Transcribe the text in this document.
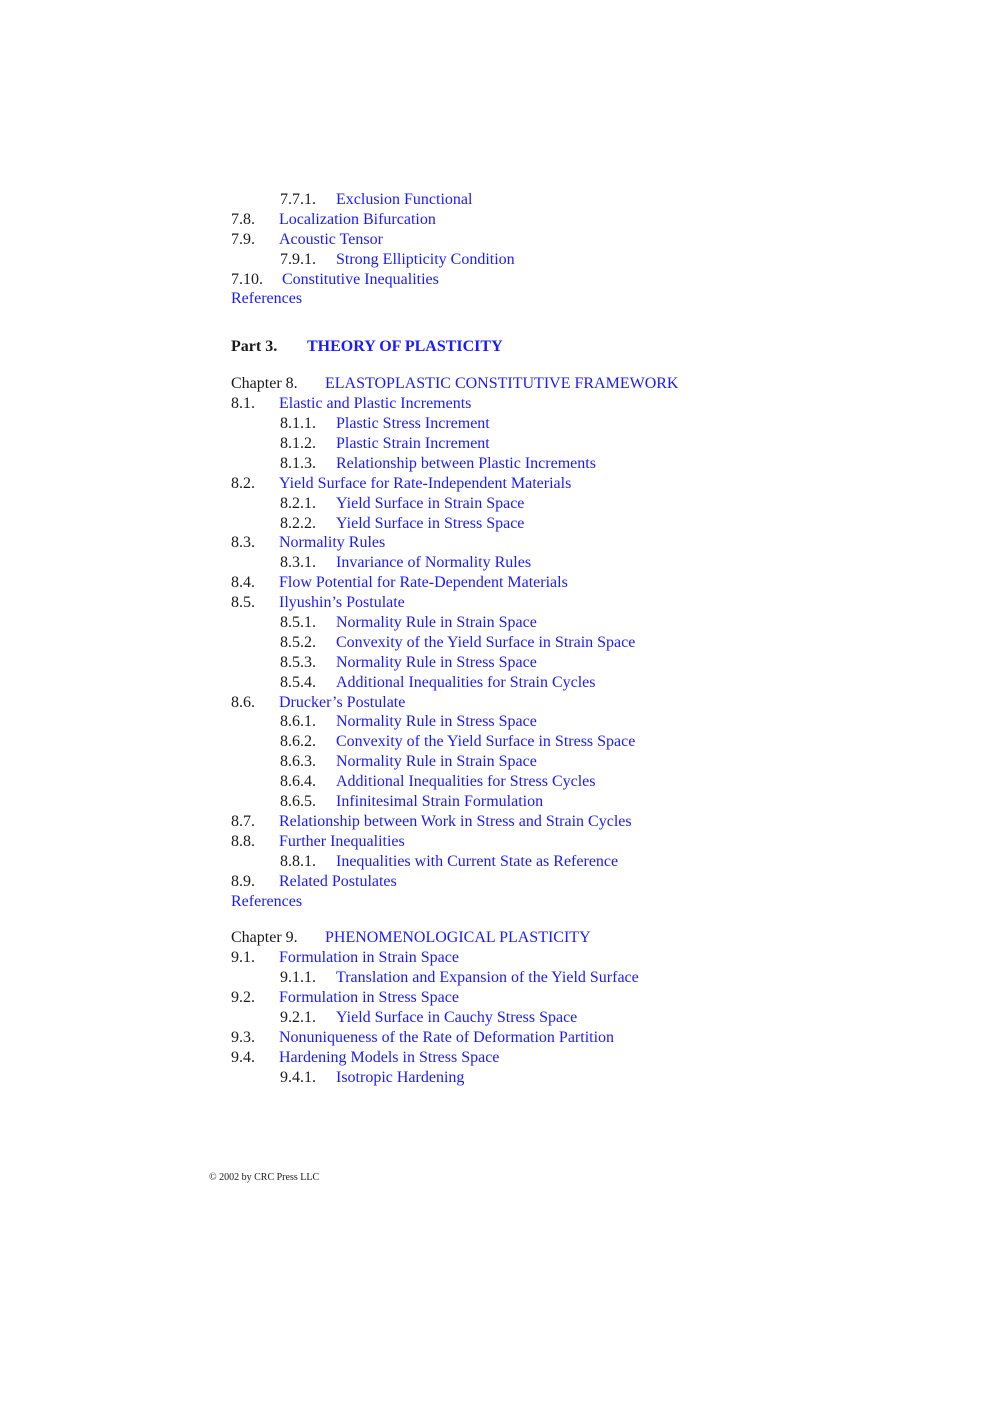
7.7.1. Exclusion Functional
7.8. Localization Bifurcation
7.9. Acoustic Tensor
7.9.1. Strong Ellipticity Condition
7.10. Constitutive Inequalities
References
Part 3. THEORY OF PLASTICITY
Chapter 8. ELASTOPLASTIC CONSTITUTIVE FRAMEWORK
8.1. Elastic and Plastic Increments
8.1.1. Plastic Stress Increment
8.1.2. Plastic Strain Increment
8.1.3. Relationship between Plastic Increments
8.2. Yield Surface for Rate-Independent Materials
8.2.1. Yield Surface in Strain Space
8.2.2. Yield Surface in Stress Space
8.3. Normality Rules
8.3.1. Invariance of Normality Rules
8.4. Flow Potential for Rate-Dependent Materials
8.5. Ilyushin’s Postulate
8.5.1. Normality Rule in Strain Space
8.5.2. Convexity of the Yield Surface in Strain Space
8.5.3. Normality Rule in Stress Space
8.5.4. Additional Inequalities for Strain Cycles
8.6. Drucker’s Postulate
8.6.1. Normality Rule in Stress Space
8.6.2. Convexity of the Yield Surface in Stress Space
8.6.3. Normality Rule in Strain Space
8.6.4. Additional Inequalities for Stress Cycles
8.6.5. Infinitesimal Strain Formulation
8.7. Relationship between Work in Stress and Strain Cycles
8.8. Further Inequalities
8.8.1. Inequalities with Current State as Reference
8.9. Related Postulates
References
Chapter 9. PHENOMENOLOGICAL PLASTICITY
9.1. Formulation in Strain Space
9.1.1. Translation and Expansion of the Yield Surface
9.2. Formulation in Stress Space
9.2.1. Yield Surface in Cauchy Stress Space
9.3. Nonuniqueness of the Rate of Deformation Partition
9.4. Hardening Models in Stress Space
9.4.1. Isotropic Hardening
© 2002 by CRC Press LLC
